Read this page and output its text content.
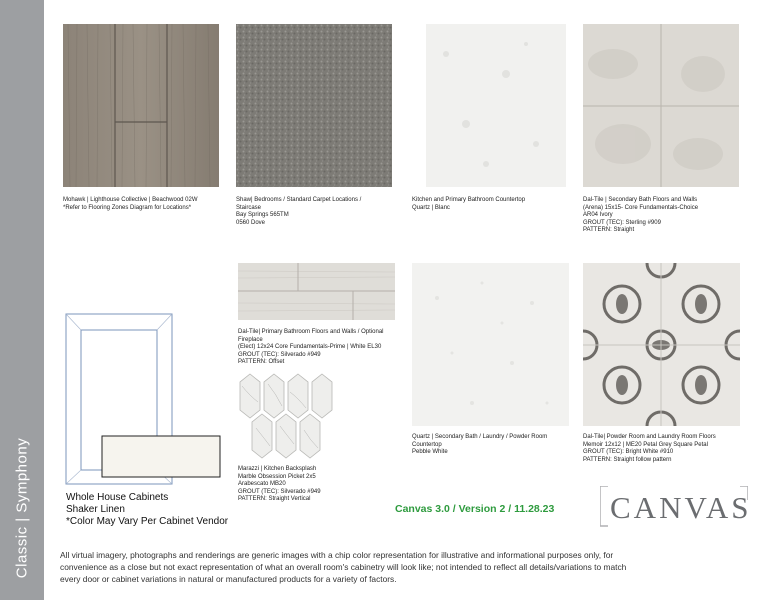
Classic | Symphony
Mohawk | Lighthouse Collective | Beachwood 02W
*Refer to Flooring Zones Diagram for Locations*
Shaw| Bedrooms / Standard Carpet Locations /
Staircase
Bay Springs 565TM
0560 Dove
Kitchen and Primary Bathroom Countertop
Quartz | Blanc
Dal-Tile | Secondary Bath Floors and Walls
(Arena) 15x15- Core Fundamentals-Choice
AR04 Ivory
GROUT (TEC): Sterling #909
PATTERN: Straight
Dal-Tile| Primary Bathroom Floors and Walls / Optional
Fireplace
(Elect) 12x24 Core Fundamentals-Prime | White EL30
GROUT (TEC): Silverado #949
PATTERN: Offset
Marazzi | Kitchen Backsplash
Marble Obsession Picket 2x5
Arabescato MB20
GROUT (TEC): Silverado #949
PATTERN: Straight Vertical
Quartz | Secondary Bath / Laundry / Powder Room
Countertop
Pebble White
Dal-Tile| Powder Room and Laundry Room Floors
Memoir 12x12 | ME20 Petal Grey Square Petal
GROUT (TEC): Bright White #910
PATTERN: Straight follow pattern
Whole House Cabinets
Shaker Linen
*Color May Vary Per Cabinet Vendor
Canvas 3.0 / Version 2 / 11.28.23 CANVAS
All virtual imagery, photographs and renderings are generic images with a chip color representation for illustrative and informational purposes only, for
convenience as a close but not exact representation of what an overall room's cabinetry will look like; not intended to reflect all details/variations to match
every door or cabinet variations in natural or manufactured products for a variety of factors.
